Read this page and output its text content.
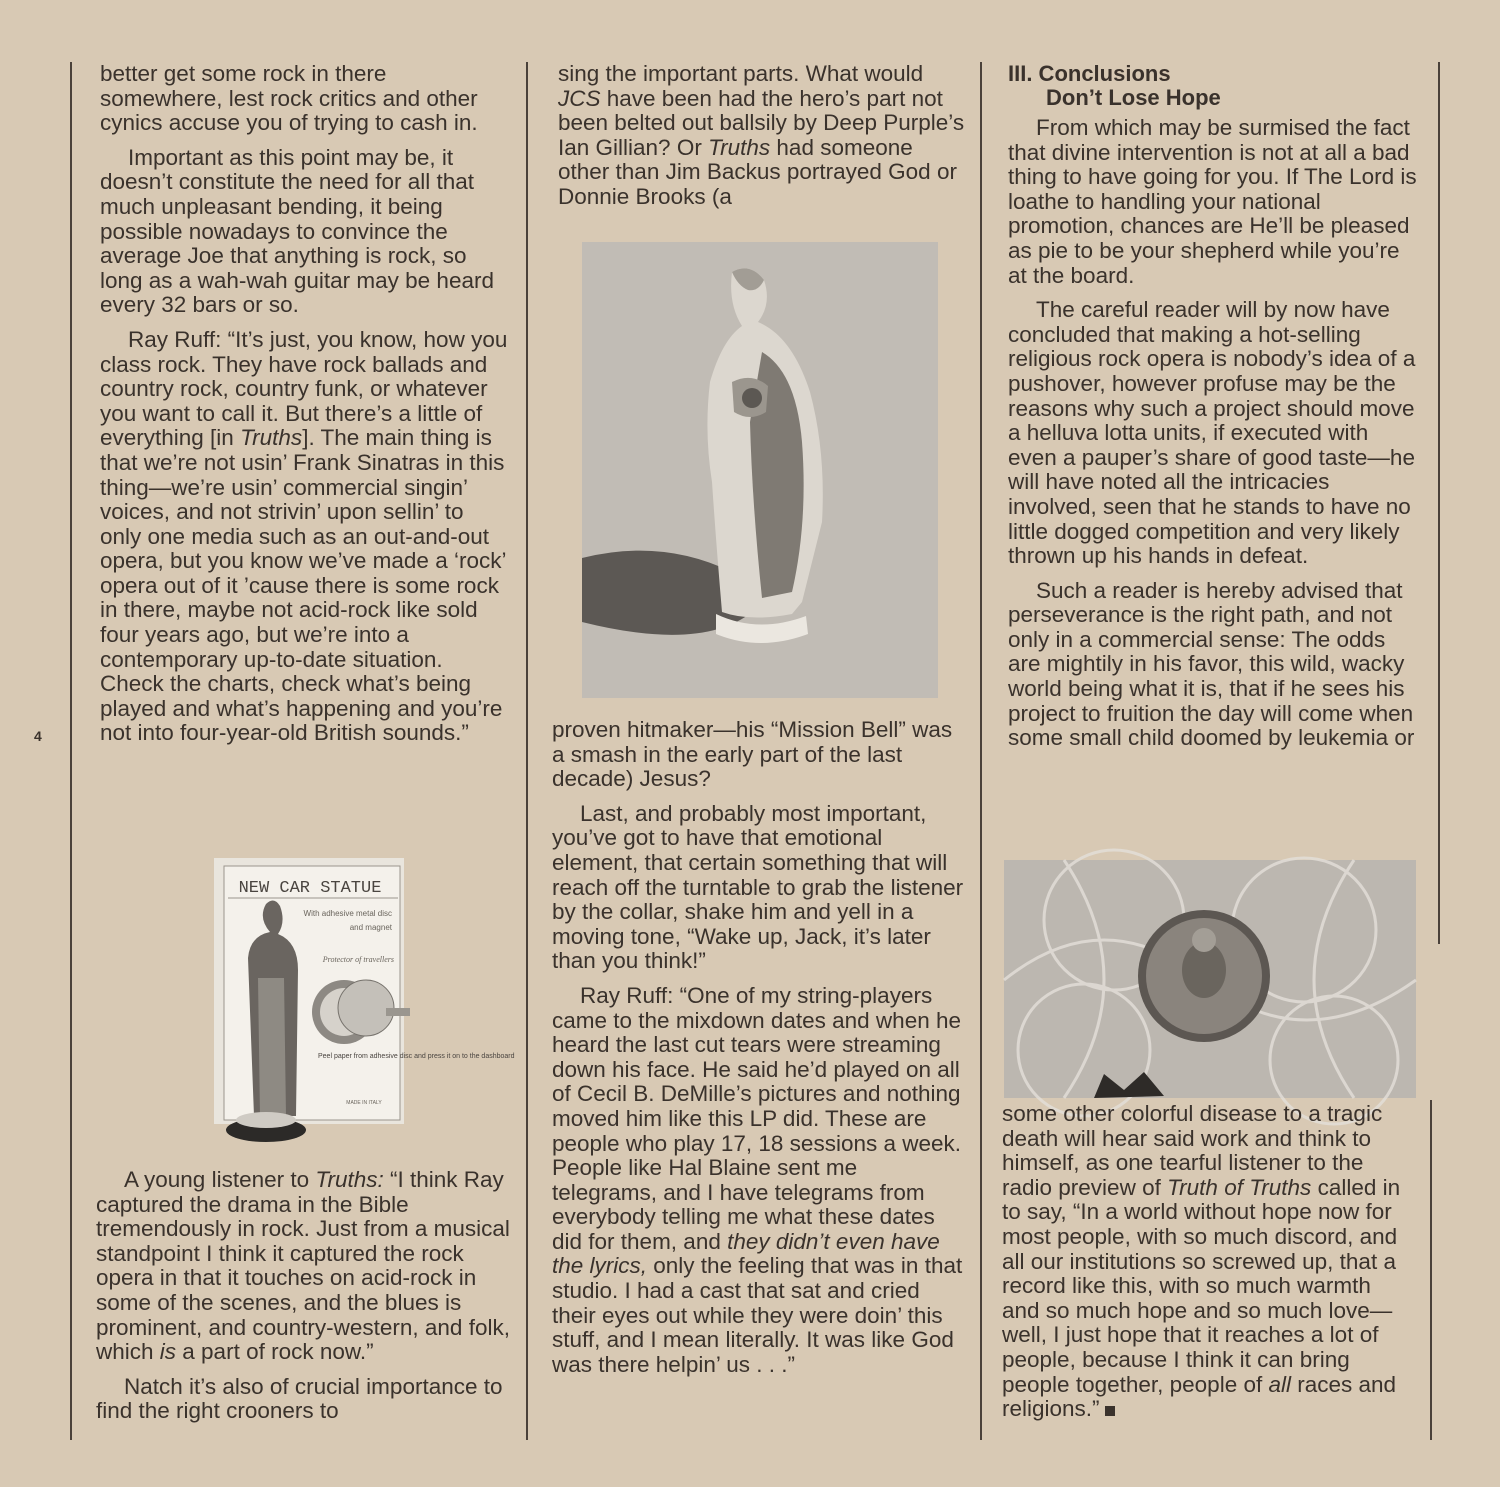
4

better get some rock in there somewhere, lest rock critics and other cynics accuse you of trying to cash in.

Important as this point may be, it doesn’t constitute the need for all that much unpleasant bending, it being possible nowadays to convince the average Joe that anything is rock, so long as a wah-wah guitar may be heard every 32 bars or so.

Ray Ruff: “It’s just, you know, how you class rock. They have rock ballads and country rock, country funk, or whatever you want to call it. But there’s a little of everything [in Truths]. The main thing is that we’re not usin’ Frank Sinatras in this thing—we’re usin’ commercial singin’ voices, and not strivin’ upon sellin’ to only one media such as an out-and-out opera, but you know we’ve made a ‘rock’ opera out of it ’cause there is some rock in there, maybe not acid-rock like sold four years ago, but we’re into a contemporary up-to-date situation. Check the charts, check what’s being played and what’s happening and you’re not into four-year-old British sounds.”

NEW CAR STATUE
With adhesive metal disc
and magnet
Protector of travellers
Peel paper from adhesive disc and press it on to the dashboard
MADE IN ITALY

A young listener to Truths: “I think Ray captured the drama in the Bible tremendously in rock. Just from a musical standpoint I think it captured the rock opera in that it touches on acid-rock in some of the scenes, and the blues is prominent, and country-western, and folk, which is a part of rock now.”

Natch it’s also of crucial importance to find the right crooners to

sing the important parts. What would JCS have been had the hero’s part not been belted out ballsily by Deep Purple’s Ian Gillian? Or Truths had someone other than Jim Backus portrayed God or Donnie Brooks (a

proven hitmaker—his “Mission Bell” was a smash in the early part of the last decade) Jesus?

Last, and probably most important, you’ve got to have that emotional element, that certain something that will reach off the turntable to grab the listener by the collar, shake him and yell in a moving tone, “Wake up, Jack, it’s later than you think!”

Ray Ruff: “One of my string-players came to the mixdown dates and when he heard the last cut tears were streaming down his face. He said he’d played on all of Cecil B. DeMille’s pictures and nothing moved him like this LP did. These are people who play 17, 18 sessions a week. People like Hal Blaine sent me telegrams, and I have telegrams from everybody telling me what these dates did for them, and they didn’t even have the lyrics, only the feeling that was in that studio. I had a cast that sat and cried their eyes out while they were doin’ this stuff, and I mean literally. It was like God was there helpin’ us . . .”

III. Conclusions
Don’t Lose Hope

From which may be surmised the fact that divine intervention is not at all a bad thing to have going for you. If The Lord is loathe to handling your national promotion, chances are He’ll be pleased as pie to be your shepherd while you’re at the board.

The careful reader will by now have concluded that making a hot-selling religious rock opera is nobody’s idea of a pushover, however profuse may be the reasons why such a project should move a helluva lotta units, if executed with even a pauper’s share of good taste—he will have noted all the intricacies involved, seen that he stands to have no little dogged competition and very likely thrown up his hands in defeat.

Such a reader is hereby advised that perseverance is the right path, and not only in a commercial sense: The odds are mightily in his favor, this wild, wacky world being what it is, that if he sees his project to fruition the day will come when some small child doomed by leukemia or

some other colorful disease to a tragic death will hear said work and think to himself, as one tearful listener to the radio preview of Truth of Truths called in to say, “In a world without hope now for most people, with so much discord, and all our institutions so screwed up, that a record like this, with so much warmth and so much hope and so much love—well, I just hope that it reaches a lot of people, because I think it can bring people together, people of all races and religions.”
